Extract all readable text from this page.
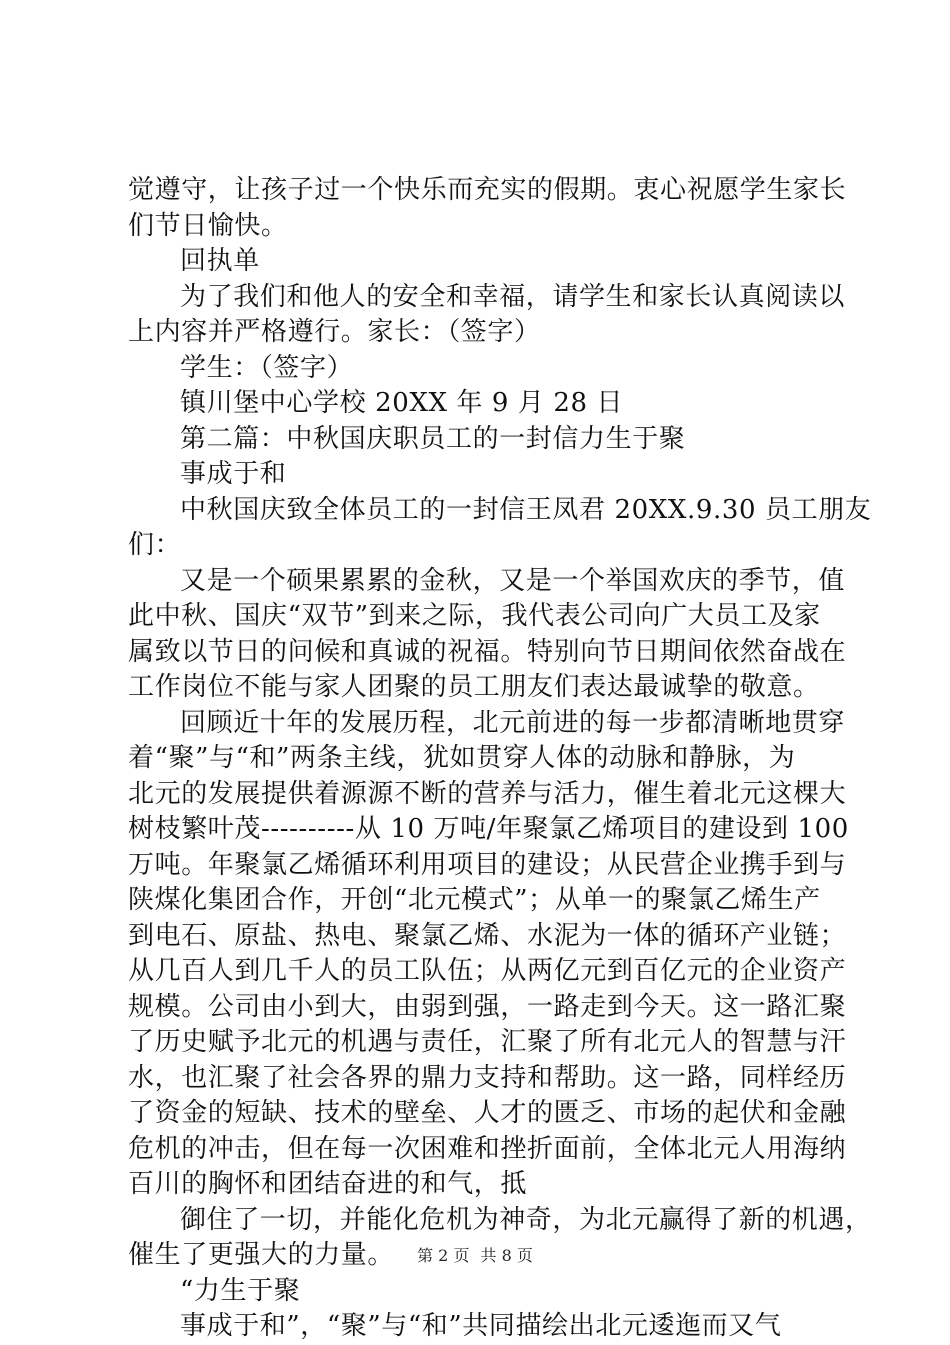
觉遵守，让孩子过一个快乐而充实的假期。衷心祝愿学生家长
们节日愉快。
回执单
为了我们和他人的安全和幸福，请学生和家长认真阅读以
上内容并严格遵行。家长：（签字）
学生：（签字）
镇川堡中心学校 20XX 年 9 月 28 日
第二篇：中秋国庆职员工的一封信力生于聚
事成于和
中秋国庆致全体员工的一封信王凤君 20XX.9.30 员工朋友
们：
又是一个硕果累累的金秋，又是一个举国欢庆的季节，值
此中秋、国庆“双节”到来之际，我代表公司向广大员工及家
属致以节日的问候和真诚的祝福。特别向节日期间依然奋战在
工作岗位不能与家人团聚的员工朋友们表达最诚挚的敬意。
回顾近十年的发展历程，北元前进的每一步都清晰地贯穿
着“聚”与“和”两条主线，犹如贯穿人体的动脉和静脉，为
北元的发展提供着源源不断的营养与活力，催生着北元这棵大
树枝繁叶茂----------从 10 万吨/年聚氯乙烯项目的建设到 100
万吨。年聚氯乙烯循环利用项目的建设；从民营企业携手到与
陕煤化集团合作，开创“北元模式”；从单一的聚氯乙烯生产
到电石、原盐、热电、聚氯乙烯、水泥为一体的循环产业链；
从几百人到几千人的员工队伍；从两亿元到百亿元的企业资产
规模。公司由小到大，由弱到强，一路走到今天。这一路汇聚
了历史赋予北元的机遇与责任，汇聚了所有北元人的智慧与汗
水，也汇聚了社会各界的鼎力支持和帮助。这一路，同样经历
了资金的短缺、技术的壁垒、人才的匮乏、市场的起伏和金融
危机的冲击，但在每一次困难和挫折面前，全体北元人用海纳
百川的胸怀和团结奋进的和气，抵
御住了一切，并能化危机为神奇，为北元赢得了新的机遇，
催生了更强大的力量。
“力生于聚
事成于和”，“聚”与“和”共同描绘出北元逶迤而又气
第 2 页 共 8 页
